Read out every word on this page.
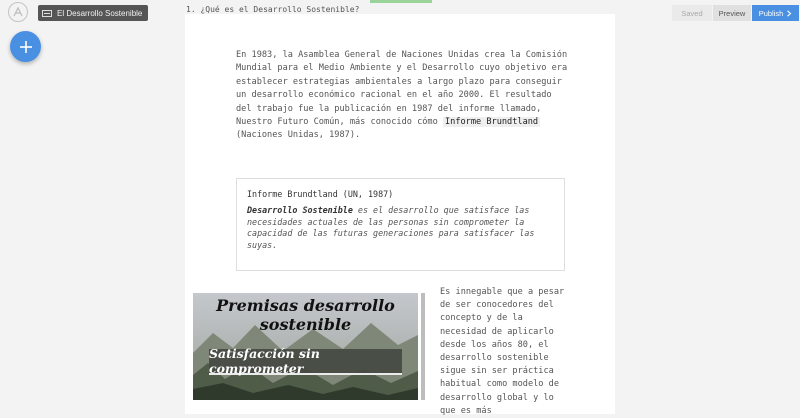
El Desarrollo Sostenible	1. ¿Qué es el Desarrollo Sostenible?	Saved	Preview	Publish
En 1983, la Asamblea General de Naciones Unidas crea la Comisión Mundial para el Medio Ambiente y el Desarrollo cuyo objetivo era establecer estrategias ambientales a largo plazo para conseguir un desarrollo económico racional en el año 2000. El resultado del trabajo fue la publicación en 1987 del informe llamado, Nuestro Futuro Común, más conocido cómo Informe Brundtland (Naciones Unidas, 1987).
Informe Brundtland (UN, 1987)
Desarrollo Sostenible es el desarrollo que satisface las necesidades actuales de las personas sin comprometer la capacidad de las futuras generaciones para satisfacer las suyas.
Premisas desarrollo
sostenible
Satisfacción sin comprometer
Es innegable que a pesar de ser conocedores del concepto y de la necesidad de aplicarlo desde los años 80, el desarrollo sostenible sigue sin ser práctica habitual como modelo de desarrollo global y lo que es más
